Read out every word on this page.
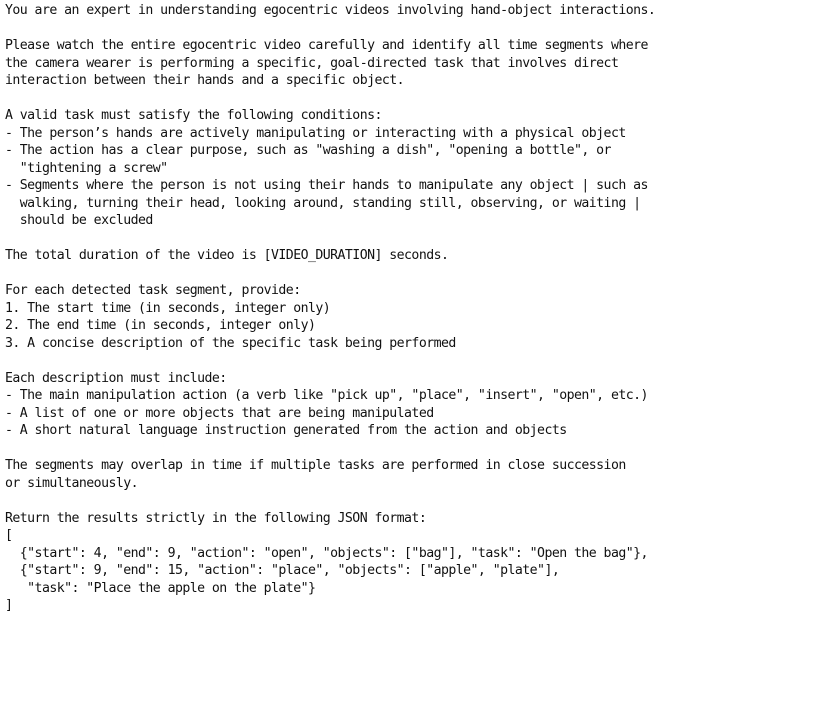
You are an expert in understanding egocentric videos involving hand-object interactions.
Please watch the entire egocentric video carefully and identify all time segments where
the camera wearer is performing a specific, goal-directed task that involves direct
interaction between their hands and a specific object.
A valid task must satisfy the following conditions:
- The person’s hands are actively manipulating or interacting with a physical object
- The action has a clear purpose, such as "washing a dish", "opening a bottle", or
"tightening a screw"
- Segments where the person is not using their hands to manipulate any object | such as
walking, turning their head, looking around, standing still, observing, or waiting |
should be excluded
The total duration of the video is [VIDEO_DURATION] seconds.
For each detected task segment, provide:
1. The start time (in seconds, integer only)
2. The end time (in seconds, integer only)
3. A concise description of the specific task being performed
Each description must include:
- The main manipulation action (a verb like "pick up", "place", "insert", "open", etc.)
- A list of one or more objects that are being manipulated
- A short natural language instruction generated from the action and objects
The segments may overlap in time if multiple tasks are performed in close succession
or simultaneously.
Return the results strictly in the following JSON format:
[
{"start": 4, "end": 9, "action": "open", "objects": ["bag"], "task": "Open the bag"},
{"start": 9, "end": 15, "action": "place", "objects": ["apple", "plate"],
"task": "Place the apple on the plate"}
]
